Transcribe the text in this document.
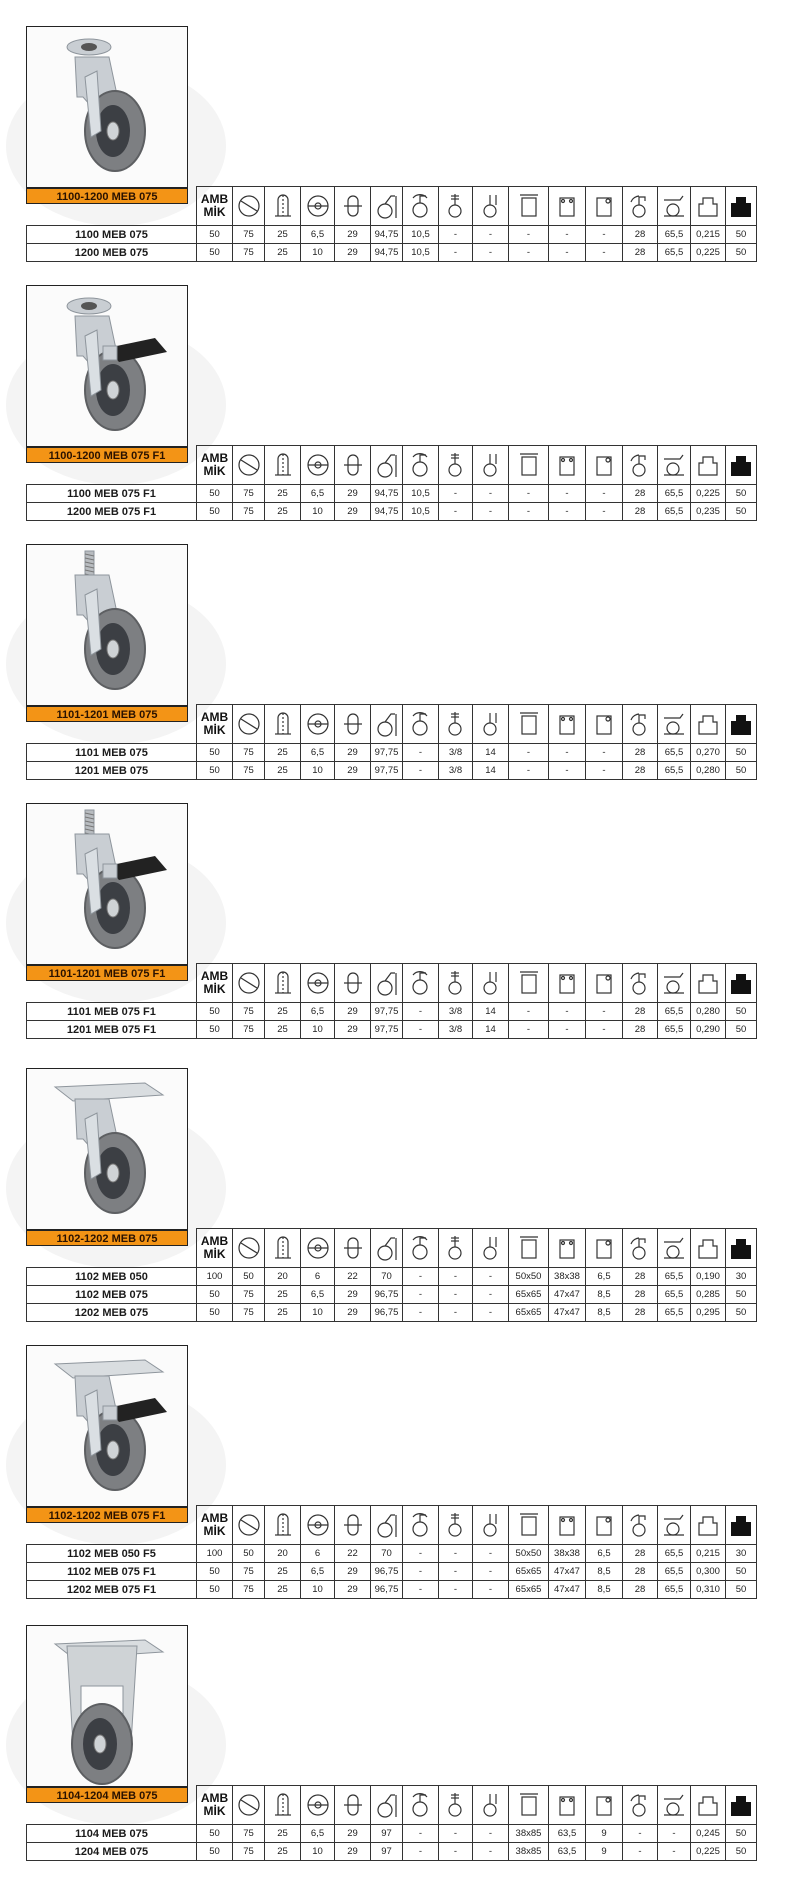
1100-1200 MEB 075

	AMB
MİK

1100 MEB 075	50	75	25	6,5	29	94,75	10,5	-	-	-	-	-	28	65,5	0,215	50
1200 MEB 075	50	75	25	10	29	94,75	10,5	-	-	-	-	-	28	65,5	0,225	50
1100-1200 MEB 075 F1

	AMB
MİK

1100 MEB 075 F1	50	75	25	6,5	29	94,75	10,5	-	-	-	-	-	28	65,5	0,225	50
1200 MEB 075 F1	50	75	25	10	29	94,75	10,5	-	-	-	-	-	28	65,5	0,235	50
1101-1201 MEB 075

	AMB
MİK

1101 MEB 075	50	75	25	6,5	29	97,75	-	3/8	14	-	-	-	28	65,5	0,270	50
1201 MEB 075	50	75	25	10	29	97,75	-	3/8	14	-	-	-	28	65,5	0,280	50
1101-1201 MEB 075 F1

	AMB
MİK

1101 MEB 075 F1	50	75	25	6,5	29	97,75	-	3/8	14	-	-	-	28	65,5	0,280	50
1201 MEB 075 F1	50	75	25	10	29	97,75	-	3/8	14	-	-	-	28	65,5	0,290	50
1102-1202 MEB 075

	AMB
MİK

1102 MEB 050	100	50	20	6	22	70	-	-	-	50x50	38x38	6,5	28	65,5	0,190	30
1102 MEB 075	50	75	25	6,5	29	96,75	-	-	-	65x65	47x47	8,5	28	65,5	0,285	50
1202 MEB 075	50	75	25	10	29	96,75	-	-	-	65x65	47x47	8,5	28	65,5	0,295	50
1102-1202 MEB 075 F1

	AMB
MİK

1102 MEB 050 F5	100	50	20	6	22	70	-	-	-	50x50	38x38	6,5	28	65,5	0,215	30
1102 MEB 075 F1	50	75	25	6,5	29	96,75	-	-	-	65x65	47x47	8,5	28	65,5	0,300	50
1202 MEB 075 F1	50	75	25	10	29	96,75	-	-	-	65x65	47x47	8,5	28	65,5	0,310	50
1104-1204 MEB 075

	AMB
MİK

1104 MEB 075	50	75	25	6,5	29	97	-	-	-	38x85	63,5	9	-	-	0,245	50
1204 MEB 075	50	75	25	10	29	97	-	-	-	38x85	63,5	9	-	-	0,225	50
